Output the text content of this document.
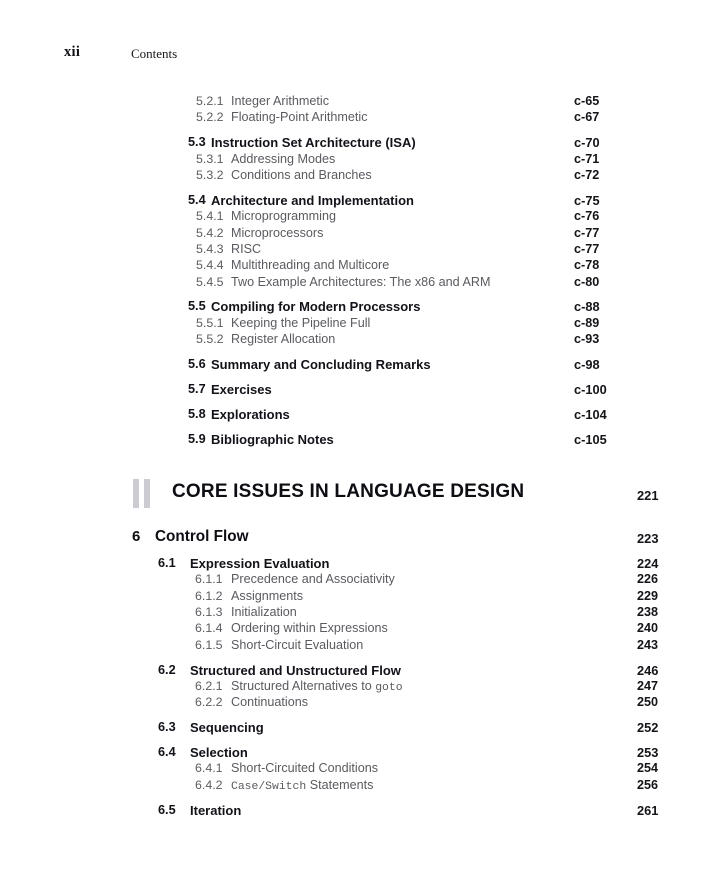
xii	Contents
5.2.1 Integer Arithmetic	c-65
5.2.2 Floating-Point Arithmetic	c-67
5.3 Instruction Set Architecture (ISA)	c-70
5.3.1 Addressing Modes	c-71
5.3.2 Conditions and Branches	c-72
5.4 Architecture and Implementation	c-75
5.4.1 Microprogramming	c-76
5.4.2 Microprocessors	c-77
5.4.3 RISC	c-77
5.4.4 Multithreading and Multicore	c-78
5.4.5 Two Example Architectures: The x86 and ARM	c-80
5.5 Compiling for Modern Processors	c-88
5.5.1 Keeping the Pipeline Full	c-89
5.5.2 Register Allocation	c-93
5.6 Summary and Concluding Remarks	c-98
5.7 Exercises	c-100
5.8 Explorations	c-104
5.9 Bibliographic Notes	c-105
CORE ISSUES IN LANGUAGE DESIGN	221
6 Control Flow	223
6.1 Expression Evaluation	224
6.1.1 Precedence and Associativity	226
6.1.2 Assignments	229
6.1.3 Initialization	238
6.1.4 Ordering within Expressions	240
6.1.5 Short-Circuit Evaluation	243
6.2 Structured and Unstructured Flow	246
6.2.1 Structured Alternatives to goto	247
6.2.2 Continuations	250
6.3 Sequencing	252
6.4 Selection	253
6.4.1 Short-Circuited Conditions	254
6.4.2 Case/Switch Statements	256
6.5 Iteration	261
